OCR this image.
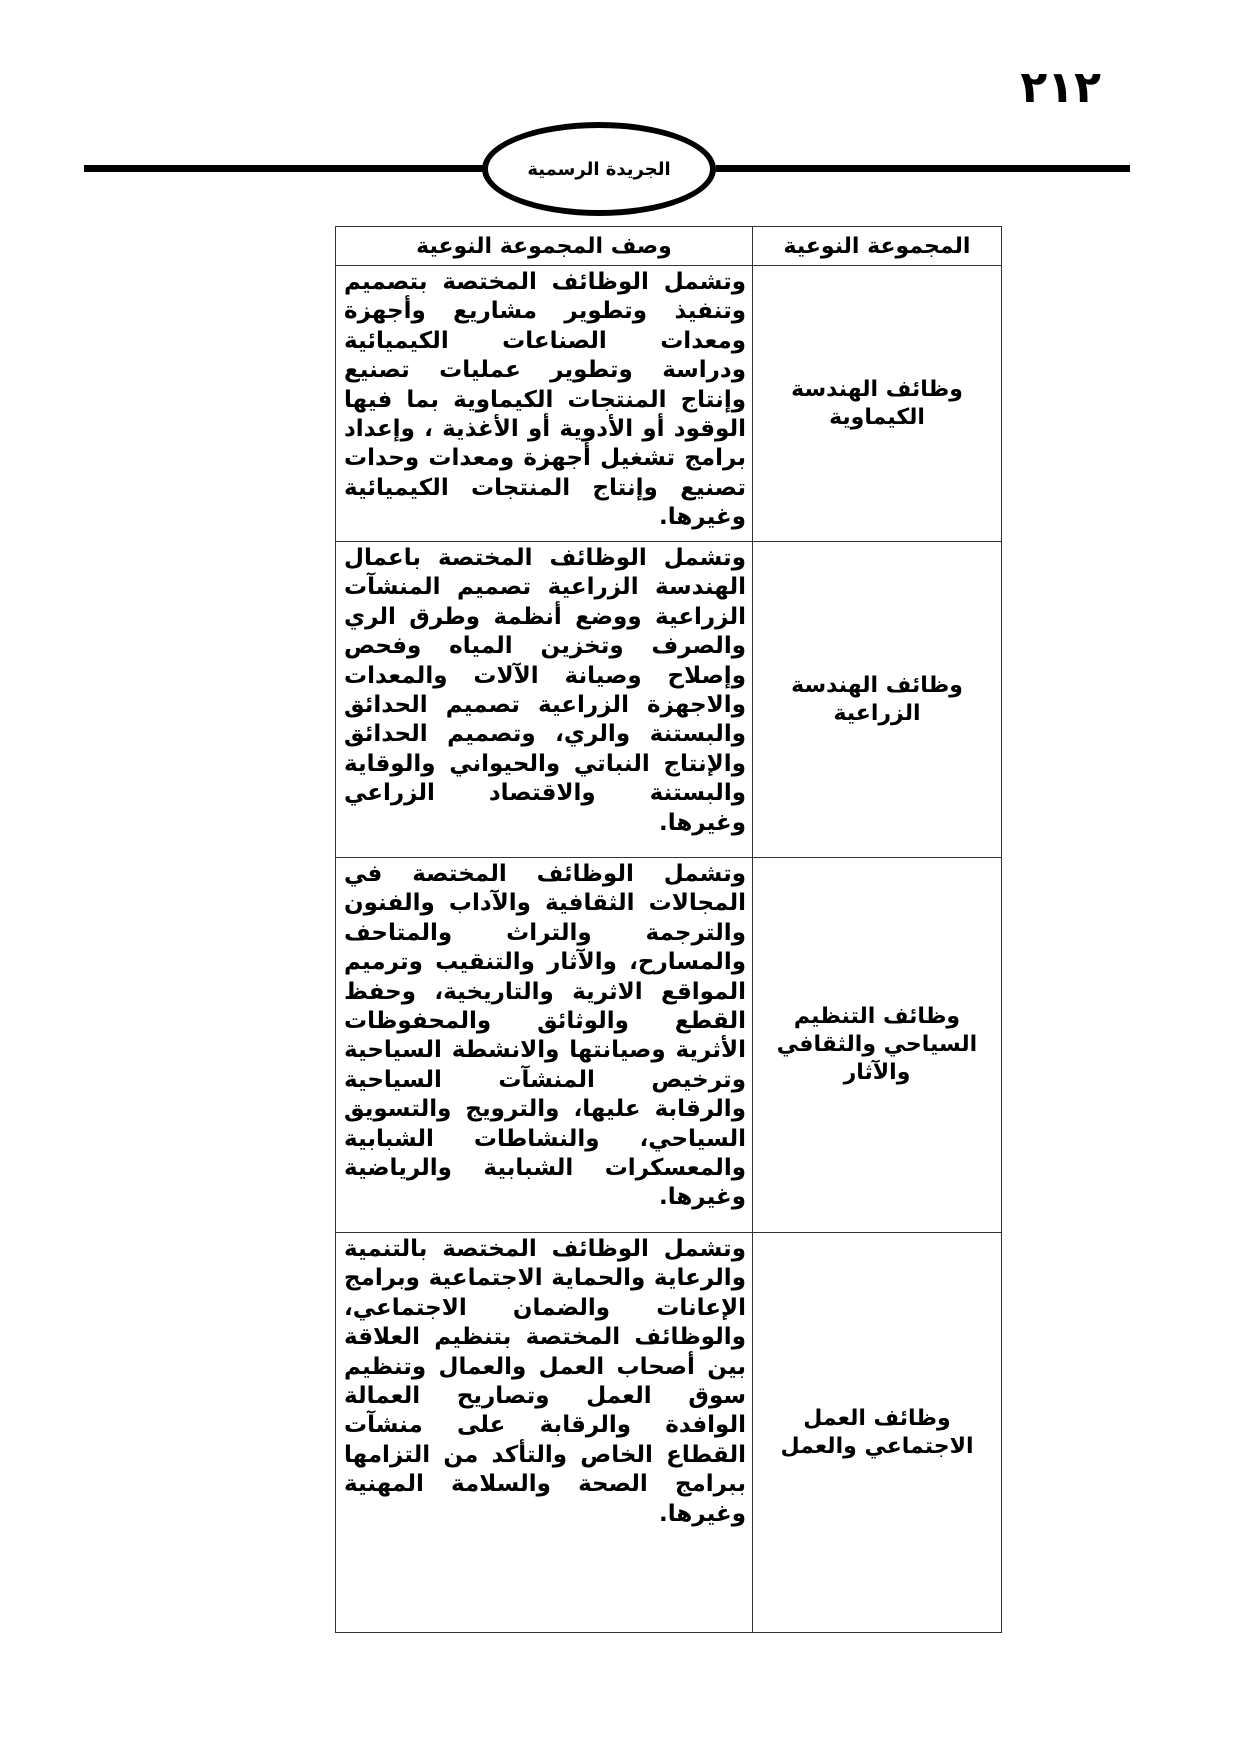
٢١٢
الجريدة الرسمية
المجموعة النوعية	وصف المجموعة النوعية
وظائف الهندسة الكيماوية	وتشمل الوظائف المختصة بتصميم وتنفيذ وتطوير مشاريع وأجهزة ومعدات الصناعات الكيميائية ودراسة وتطوير عمليات تصنيع وإنتاج المنتجات الكيماوية بما فيها الوقود أو الأدوية أو الأغذية ، وإعداد برامج تشغيل أجهزة ومعدات وحدات تصنيع وإنتاج المنتجات الكيميائية وغيرها.
وظائف الهندسة الزراعية	وتشمل الوظائف المختصة باعمال الهندسة الزراعية تصميم المنشآت الزراعية ووضع أنظمة وطرق الري والصرف وتخزين المياه وفحص وإصلاح وصيانة الآلات والمعدات والاجهزة الزراعية تصميم الحدائق والبستنة والري، وتصميم الحدائق والإنتاج النباتي والحيواني والوقاية والبستنة والاقتصاد الزراعي وغيرها.
وظائف التنظيم السياحي والثقافي والآثار	وتشمل الوظائف المختصة في المجالات الثقافية والآداب والفنون والترجمة والتراث والمتاحف والمسارح، والآثار والتنقيب وترميم المواقع الاثرية والتاريخية، وحفظ القطع والوثائق والمحفوظات الأثرية وصيانتها والانشطة السياحية وترخيص المنشآت السياحية والرقابة عليها، والترويج والتسويق السياحي، والنشاطات الشبابية والمعسكرات الشبابية والرياضية وغيرها.
وظائف العمل الاجتماعي والعمل	وتشمل الوظائف المختصة بالتنمية والرعاية والحماية الاجتماعية وبرامج الإعانات والضمان الاجتماعي، والوظائف المختصة بتنظيم العلاقة بين أصحاب العمل والعمال وتنظيم سوق العمل وتصاريح العمالة الوافدة والرقابة على منشآت القطاع الخاص والتأكد من التزامها ببرامج الصحة والسلامة المهنية وغيرها.
